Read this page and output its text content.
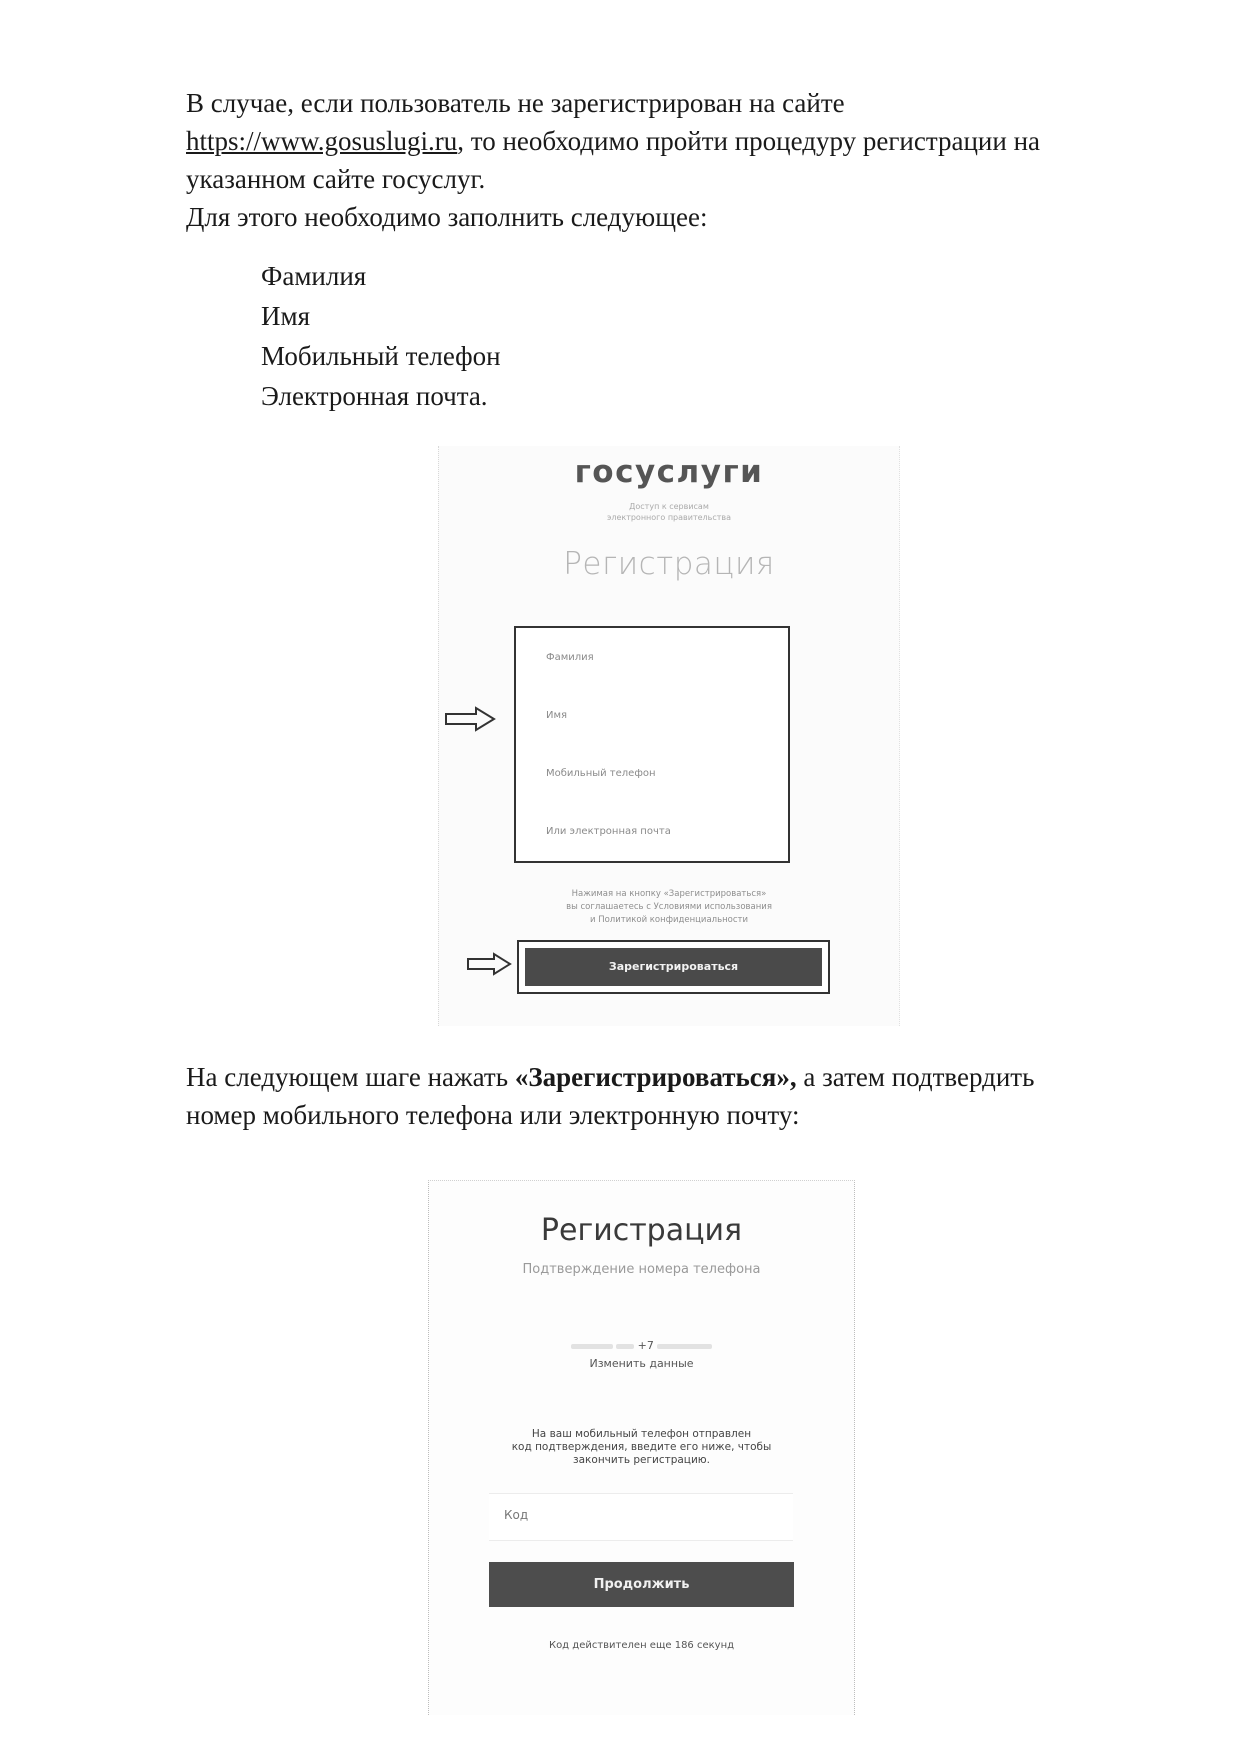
В случае, если пользователь не зарегистрирован на сайте

https://www.gosuslugi.ru, то необходимо пройти процедуру регистрации на

указанном сайте госуслуг.

Для этого необходимо заполнить следующее:

Фамилия
Имя
Мобильный телефон
Электронная почта.
госуслуги
Доступ к сервисам
электронного правительства
Регистрация
Фамилия
Имя
Мобильный телефон
Или электронная почта
Нажимая на кнопку «Зарегистрироваться»
вы соглашаетесь с Условиями использования
и Политикой конфиденциальности
Зарегистрироваться

На следующем шаге нажать «Зарегистрироваться», а затем подтвердить

номер мобильного телефона или электронную почту:

Регистрация
Подтверждение номера телефона
+7
Изменить данные
На ваш мобильный телефон отправлен
код подтверждения, введите его ниже, чтобы
закончить регистрацию.
Код
Продолжить
Код действителен еще 186 секунд
